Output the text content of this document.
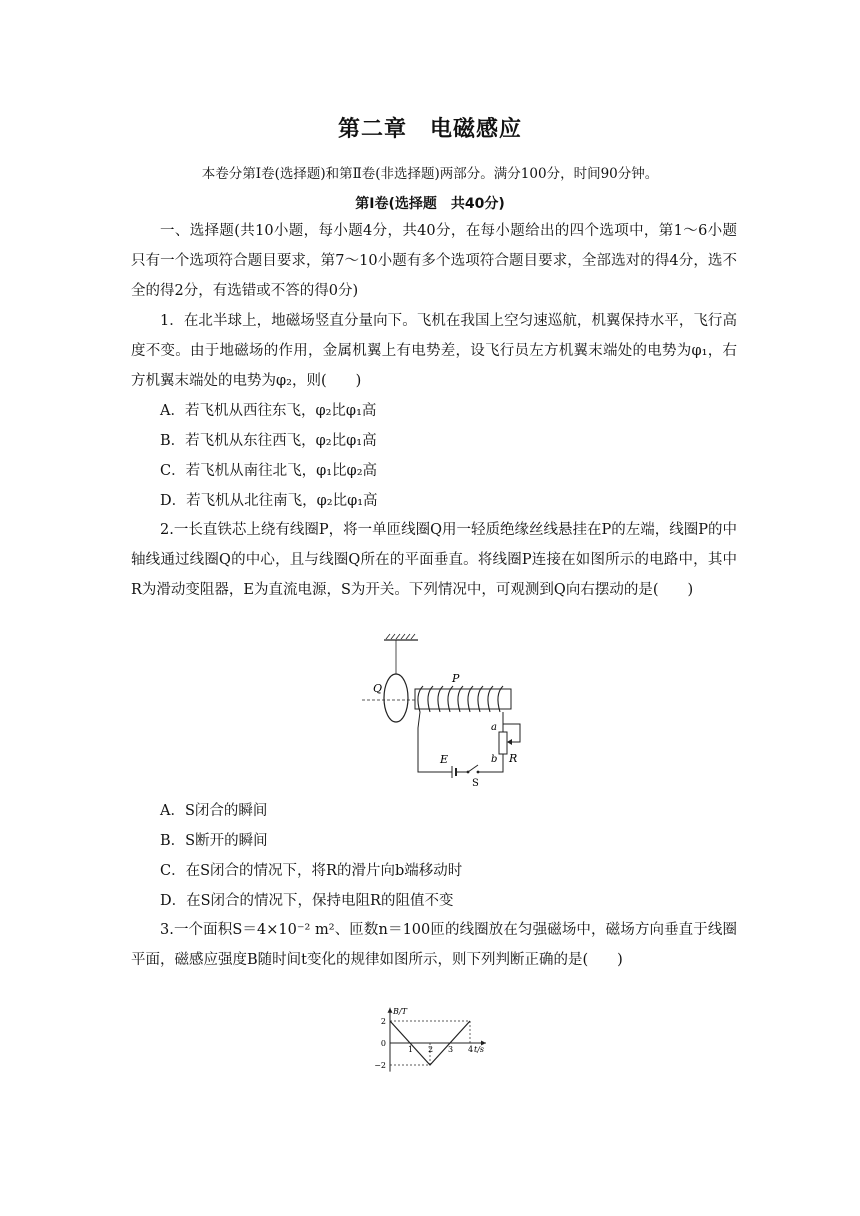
第二章　电磁感应
本卷分第Ⅰ卷(选择题)和第Ⅱ卷(非选择题)两部分。满分100分，时间90分钟。
第Ⅰ卷(选择题　共40分)
一、选择题(共10小题，每小题4分，共40分，在每小题给出的四个选项中，第1～6小题只有一个选项符合题目要求，第7～10小题有多个选项符合题目要求，全部选对的得4分，选不全的得2分，有选错或不答的得0分)
1．在北半球上，地磁场竖直分量向下。飞机在我国上空匀速巡航，机翼保持水平，飞行高度不变。由于地磁场的作用，金属机翼上有电势差，设飞行员左方机翼末端处的电势为φ₁，右方机翼末端处的电势为φ₂，则(　　)
A．若飞机从西往东飞，φ₂比φ₁高
B．若飞机从东往西飞，φ₂比φ₁高
C．若飞机从南往北飞，φ₁比φ₂高
D．若飞机从北往南飞，φ₂比φ₁高
2.一长直铁芯上绕有线圈P，将一单匝线圈Q用一轻质绝缘丝线悬挂在P的左端，线圈P的中轴线通过线圈Q的中心，且与线圈Q所在的平面垂直。将线圈P连接在如图所示的电路中，其中R为滑动变阻器，E为直流电源，S为开关。下列情况中，可观测到Q向右摆动的是(　　)
Q
P
a
b R
E
S
A．S闭合的瞬间
B．S断开的瞬间
C．在S闭合的情况下，将R的滑片向b端移动时
D．在S闭合的情况下，保持电阻R的阻值不变
3.一个面积S＝4×10⁻² m²、匝数n＝100匝的线圈放在匀强磁场中，磁场方向垂直于线圈平面，磁感应强度B随时间t变化的规律如图所示，则下列判断正确的是(　　)
B/T
t/s
2
0
−2
1 2 3 4
